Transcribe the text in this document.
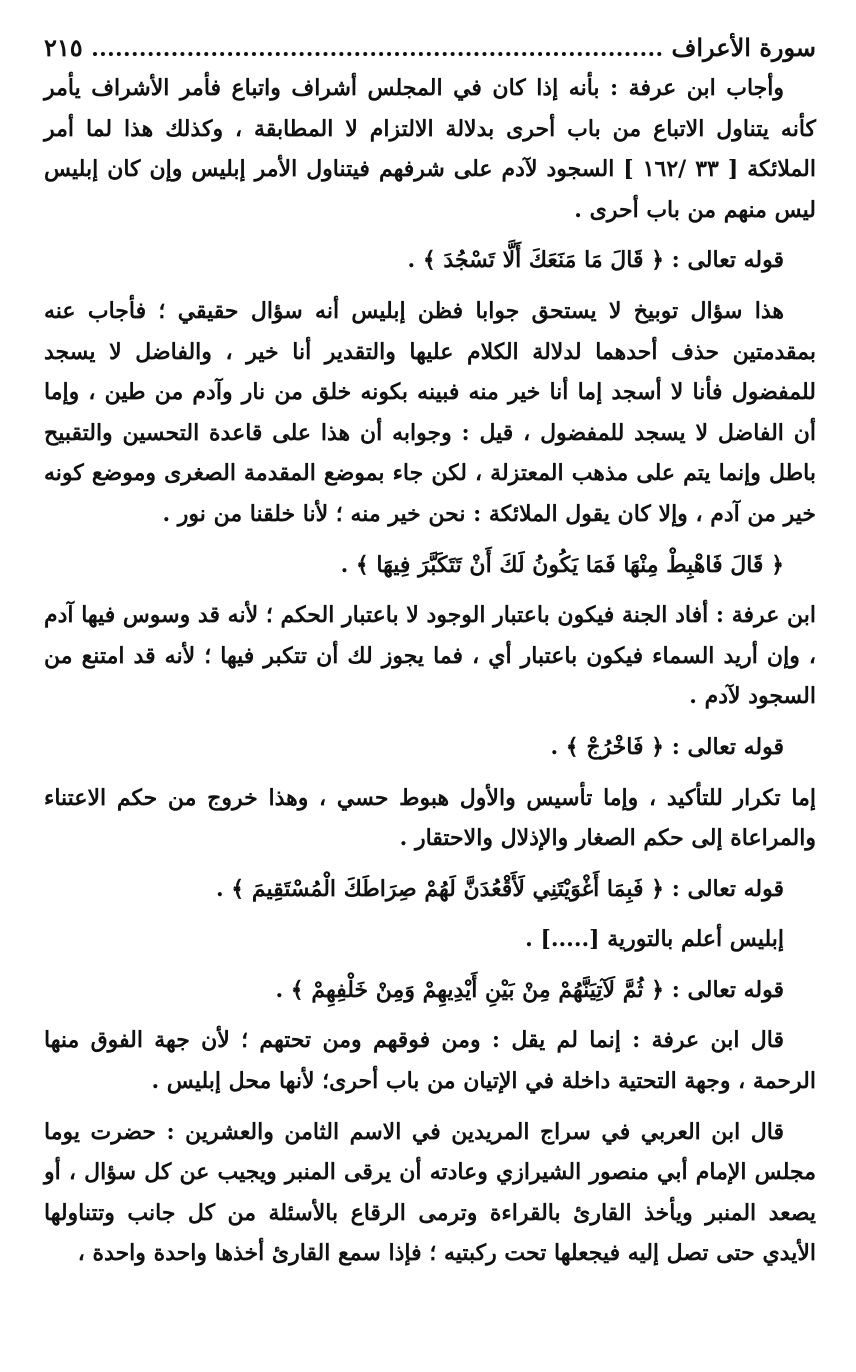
سورة الأعراف
٢١٥

وأجاب ابن عرفة : بأنه إذا كان في المجلس أشراف واتباع فأمر الأشراف يأمر كأنه يتناول الاتباع من باب أحرى بدلالة الالتزام لا المطابقة ، وكذلك هذا لما أمر الملائكة [ ٣٣ /١٦٢ ] السجود لآدم على شرفهم فيتناول الأمر إبليس وإن كان إبليس ليس منهم من باب أحرى .

قوله تعالى : ﴿ قَالَ مَا مَنَعَكَ أَلَّا تَسْجُدَ ﴾ .

هذا سؤال توبيخ لا يستحق جوابا فظن إبليس أنه سؤال حقيقي ؛ فأجاب عنه بمقدمتين حذف أحدهما لدلالة الكلام عليها والتقدير أنا خير ، والفاضل لا يسجد للمفضول فأنا لا أسجد إما أنا خير منه فبينه بكونه خلق من نار وآدم من طين ، وإما أن الفاضل لا يسجد للمفضول ، قيل : وجوابه أن هذا على قاعدة التحسين والتقبيح باطل وإنما يتم على مذهب المعتزلة ، لكن جاء بموضع المقدمة الصغرى وموضع كونه خير من آدم ، وإلا كان يقول الملائكة : نحن خير منه ؛ لأنا خلقنا من نور .

﴿ قَالَ فَاهْبِطْ مِنْهَا فَمَا يَكُونُ لَكَ أَنْ تَتَكَبَّرَ فِيهَا ﴾ .

ابن عرفة : أفاد الجنة فيكون باعتبار الوجود لا باعتبار الحكم ؛ لأنه قد وسوس فيها آدم ، وإن أريد السماء فيكون باعتبار أي ، فما يجوز لك أن تتكبر فيها ؛ لأنه قد امتنع من السجود لآدم .

قوله تعالى : ﴿ فَاخْرُجْ ﴾ .

إما تكرار للتأكيد ، وإما تأسيس والأول هبوط حسي ، وهذا خروج من حكم الاعتناء والمراعاة إلى حكم الصغار والإذلال والاحتقار .

قوله تعالى : ﴿ فَبِمَا أَغْوَيْتَنِي لَأَقْعُدَنَّ لَهُمْ صِرَاطَكَ الْمُسْتَقِيمَ ﴾ .

إبليس أعلم بالتورية [.....] .

قوله تعالى : ﴿ ثُمَّ لَآتِيَنَّهُمْ مِنْ بَيْنِ أَيْدِيهِمْ وَمِنْ خَلْفِهِمْ ﴾ .

قال ابن عرفة : إنما لم يقل : ومن فوقهم ومن تحتهم ؛ لأن جهة الفوق منها الرحمة ، وجهة التحتية داخلة في الإتيان من باب أحرى؛ لأنها محل إبليس .

قال ابن العربي في سراج المريدين في الاسم الثامن والعشرين : حضرت يوما مجلس الإمام أبي منصور الشيرازي وعادته أن يرقى المنبر ويجيب عن كل سؤال ، أو يصعد المنبر ويأخذ القارئ بالقراءة وترمى الرقاع بالأسئلة من كل جانب وتتناولها الأيدي حتى تصل إليه فيجعلها تحت ركبتيه ؛ فإذا سمع القارئ أخذها واحدة واحدة ،
